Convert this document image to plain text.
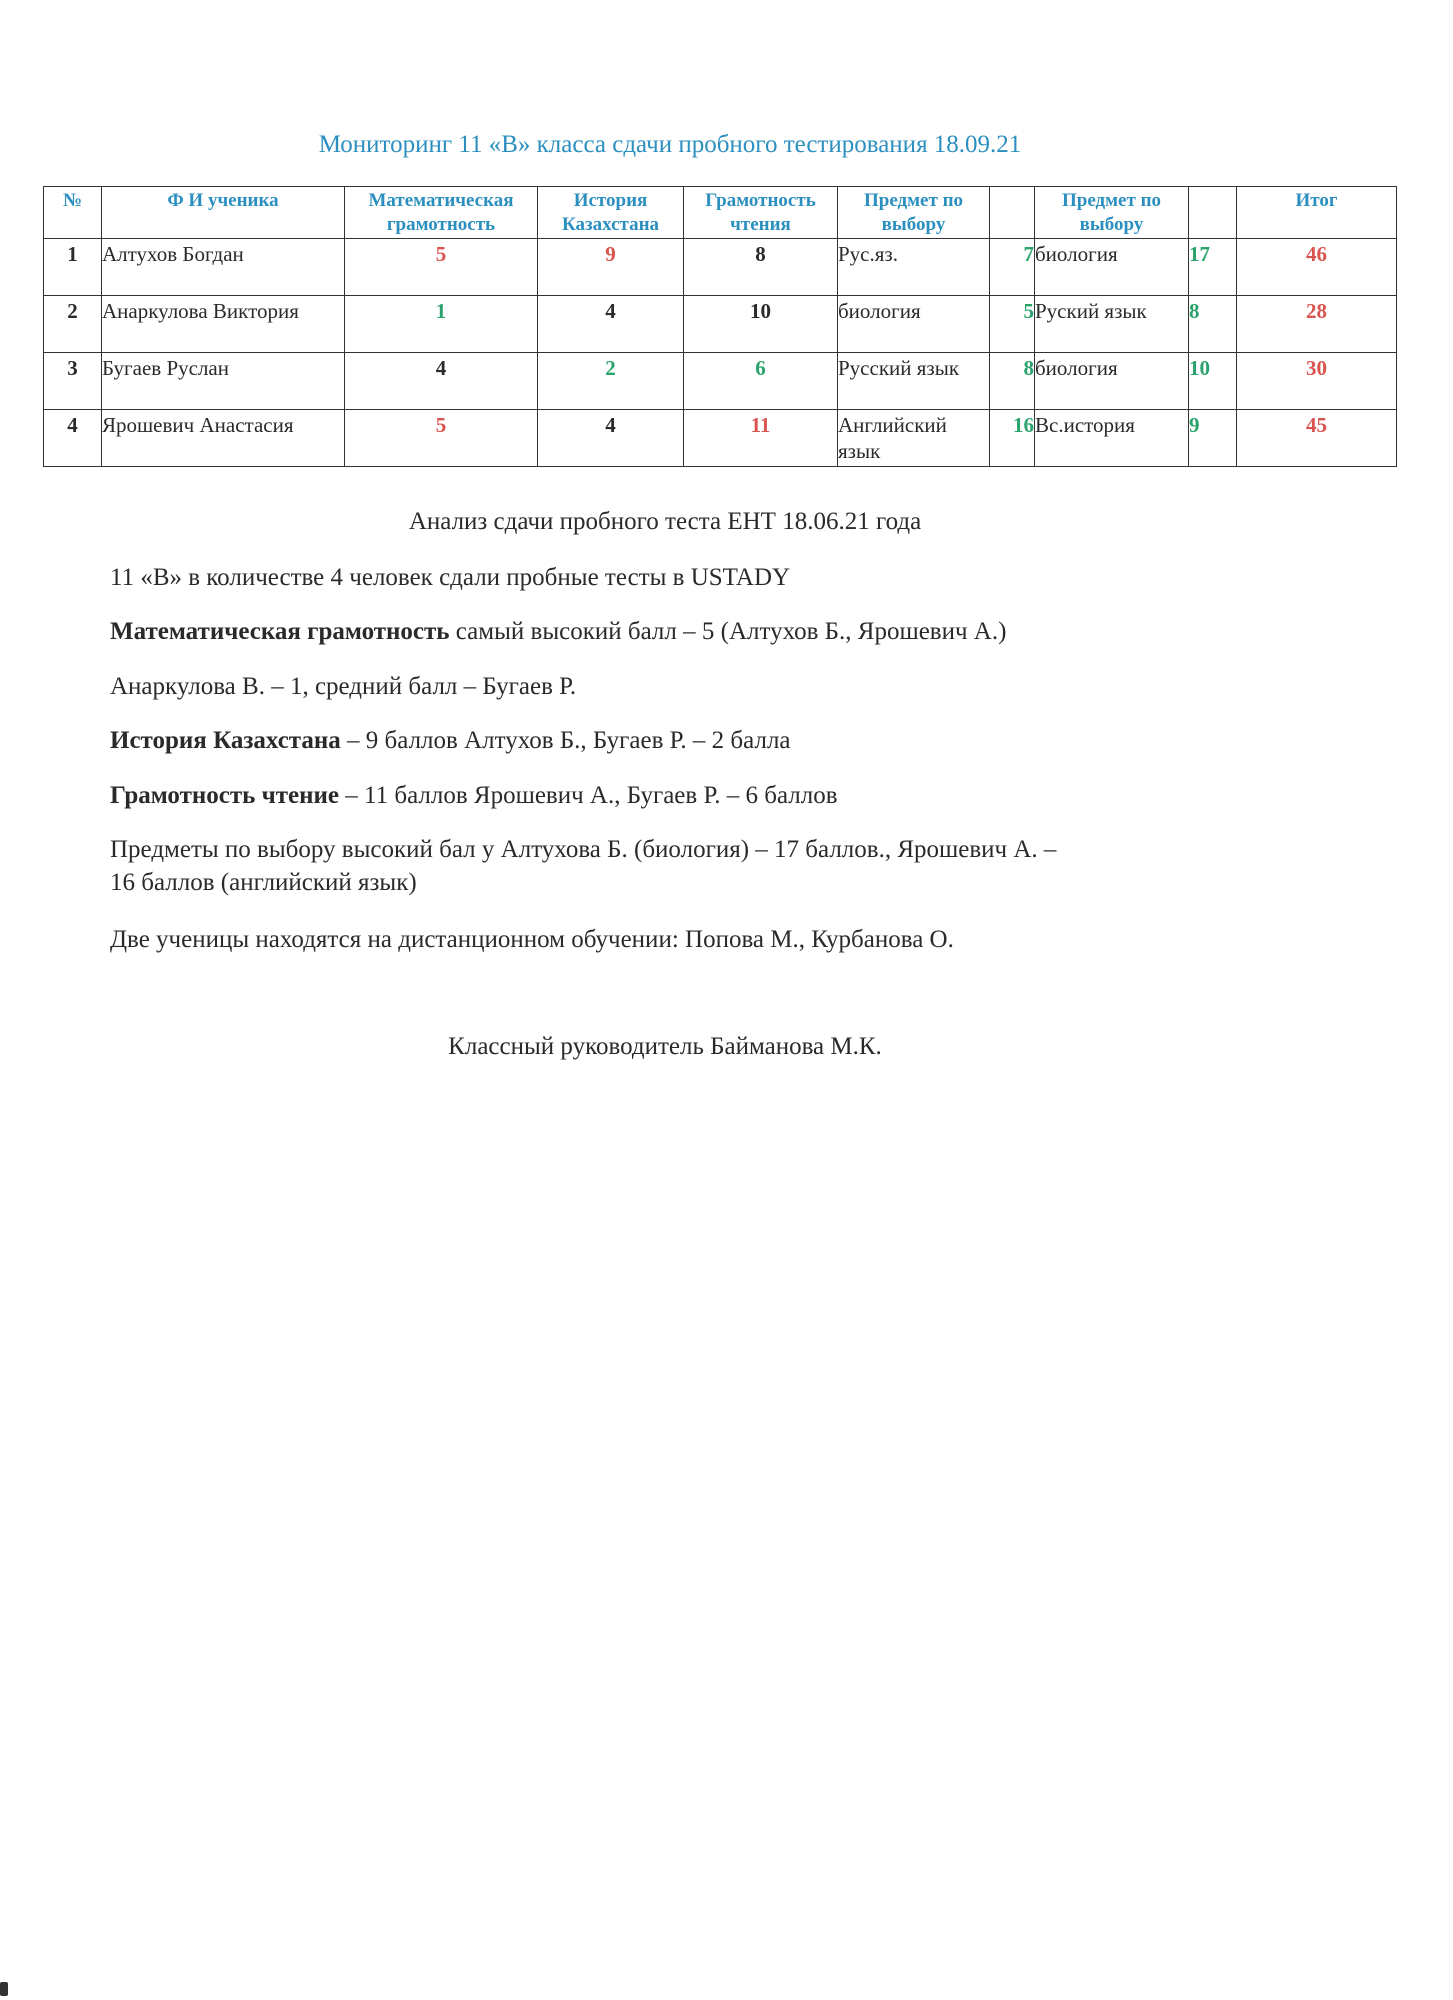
Мониторинг 11 «В» класса сдачи пробного тестирования 18.09.21
№	Ф И ученика	Математическая грамотность	История Казахстана	Грамотность чтения	Предмет по выбору		Предмет по выбору		Итог
1	Алтухов Богдан	5	9	8	Рус.яз.	7	биология	17	46
2	Анаркулова Виктория	1	4	10	биология	5	Руский язык	8	28
3	Бугаев Руслан	4	2	6	Русский язык	8	биология	10	30
4	Ярошевич Анастасия	5	4	11	Английский язык	16	Вс.история	9	45
Анализ сдачи пробного теста ЕНТ 18.06.21 года
11 «В» в количестве 4 человек сдали пробные тесты в USTADY
Математическая грамотность самый высокий балл – 5 (Алтухов Б., Ярошевич А.)
Анаркулова В. – 1, средний балл – Бугаев Р.
История Казахстана – 9 баллов Алтухов Б., Бугаев Р. – 2 балла
Грамотность чтение – 11 баллов Ярошевич А., Бугаев Р. – 6 баллов
Предметы по выбору высокий бал у Алтухова Б. (биология) – 17 баллов., Ярошевич А. –
16 баллов (английский язык)
Две ученицы находятся на дистанционном обучении: Попова М., Курбанова О.
Классный руководитель Байманова М.К.
